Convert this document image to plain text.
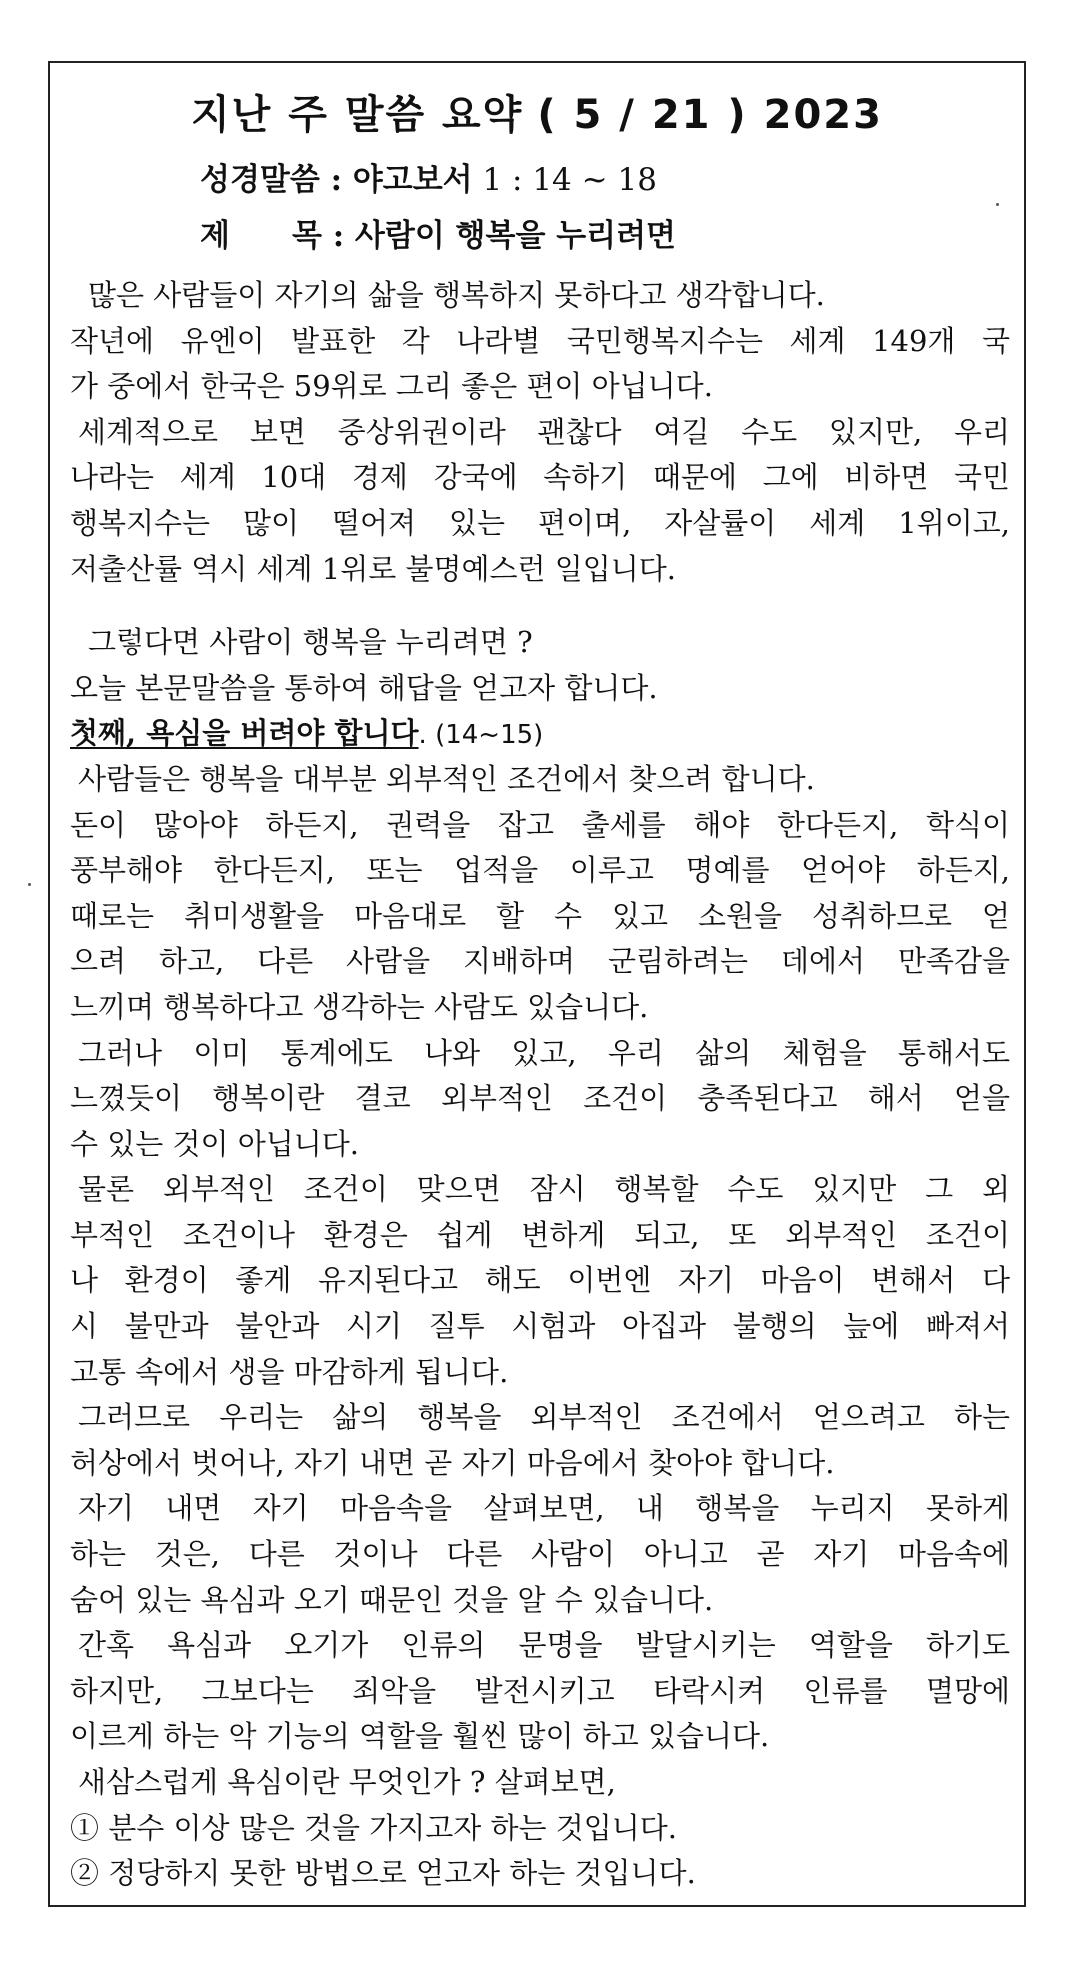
지난 주 말씀 요약 ( 5 / 21 ) 2023
성경말씀 : 야고보서 1 : 14 ~ 18
제 목 : 사람이 행복을 누리려면
많은 사람들이 자기의 삶을 행복하지 못하다고 생각합니다.
작년에 유엔이 발표한 각 나라별 국민행복지수는 세계 149개 국
가 중에서 한국은 59위로 그리 좋은 편이 아닙니다.
세계적으로 보면 중상위권이라 괜찮다 여길 수도 있지만, 우리
나라는 세계 10대 경제 강국에 속하기 때문에 그에 비하면 국민
행복지수는 많이 떨어져 있는 편이며, 자살률이 세계 1위이고,
저출산률 역시 세계 1위로 불명예스런 일입니다.
그렇다면 사람이 행복을 누리려면 ?
오늘 본문말씀을 통하여 해답을 얻고자 합니다.
첫째, 욕심을 버려야 합니다. (14~15)
사람들은 행복을 대부분 외부적인 조건에서 찾으려 합니다.
돈이 많아야 하든지, 권력을 잡고 출세를 해야 한다든지, 학식이
풍부해야 한다든지, 또는 업적을 이루고 명예를 얻어야 하든지,
때로는 취미생활을 마음대로 할 수 있고 소원을 성취하므로 얻
으려 하고, 다른 사람을 지배하며 군림하려는 데에서 만족감을
느끼며 행복하다고 생각하는 사람도 있습니다.
그러나 이미 통계에도 나와 있고, 우리 삶의 체험을 통해서도
느꼈듯이 행복이란 결코 외부적인 조건이 충족된다고 해서 얻을
수 있는 것이 아닙니다.
물론 외부적인 조건이 맞으면 잠시 행복할 수도 있지만 그 외
부적인 조건이나 환경은 쉽게 변하게 되고, 또 외부적인 조건이
나 환경이 좋게 유지된다고 해도 이번엔 자기 마음이 변해서 다
시 불만과 불안과 시기 질투 시험과 아집과 불행의 늪에 빠져서
고통 속에서 생을 마감하게 됩니다.
그러므로 우리는 삶의 행복을 외부적인 조건에서 얻으려고 하는
허상에서 벗어나, 자기 내면 곧 자기 마음에서 찾아야 합니다.
자기 내면 자기 마음속을 살펴보면, 내 행복을 누리지 못하게
하는 것은, 다른 것이나 다른 사람이 아니고 곧 자기 마음속에
숨어 있는 욕심과 오기 때문인 것을 알 수 있습니다.
간혹 욕심과 오기가 인류의 문명을 발달시키는 역할을 하기도
하지만, 그보다는 죄악을 발전시키고 타락시켜 인류를 멸망에
이르게 하는 악 기능의 역할을 훨씬 많이 하고 있습니다.
새삼스럽게 욕심이란 무엇인가 ? 살펴보면,
① 분수 이상 많은 것을 가지고자 하는 것입니다.
② 정당하지 못한 방법으로 얻고자 하는 것입니다.
